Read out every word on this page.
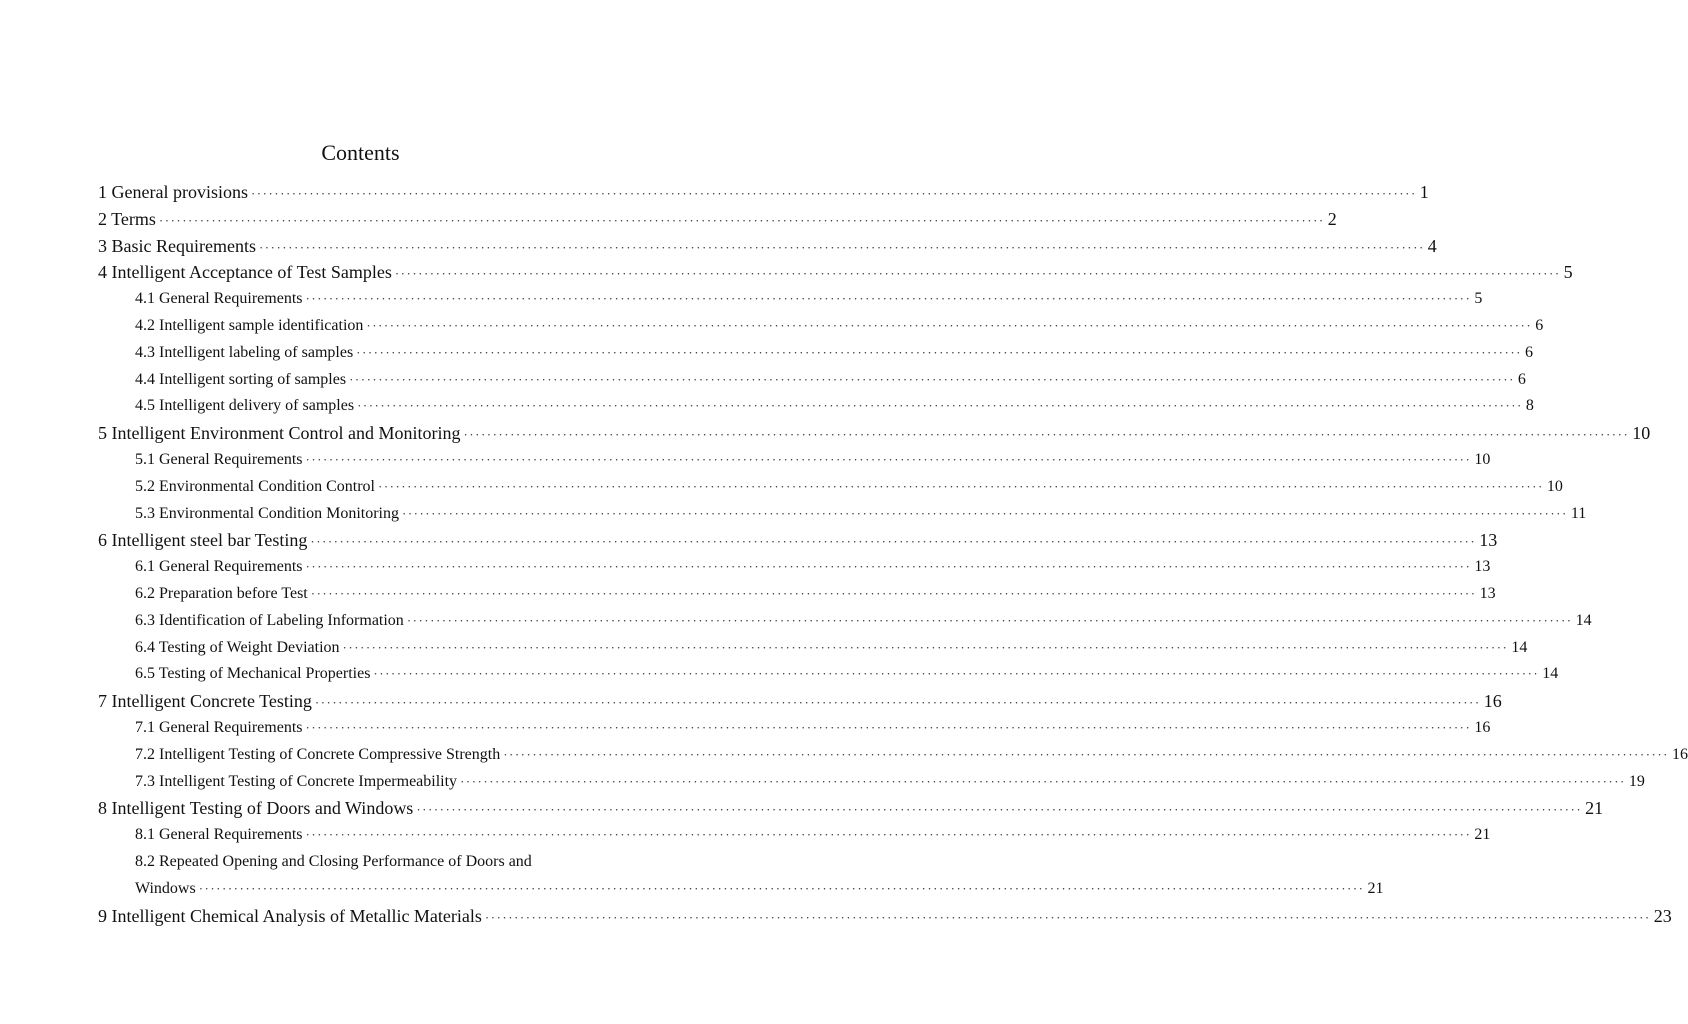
Contents
1 General provisions ········································································································································································································ 1
2 Terms ········································································································································································································ 2
3 Basic Requirements ········································································································································································································ 4
4 Intelligent Acceptance of Test Samples ········································································································································································································ 5
4.1 General Requirements ········································································································································································································ 5
4.2 Intelligent sample identification ········································································································································································································ 6
4.3 Intelligent labeling of samples ········································································································································································································ 6
4.4 Intelligent sorting of samples ········································································································································································································ 6
4.5 Intelligent delivery of samples ········································································································································································································ 8
5 Intelligent Environment Control and Monitoring ········································································································································································································ 10
5.1 General Requirements ········································································································································································································ 10
5.2 Environmental Condition Control ········································································································································································································ 10
5.3 Environmental Condition Monitoring ········································································································································································································ 11
6 Intelligent steel bar Testing ········································································································································································································ 13
6.1 General Requirements ········································································································································································································ 13
6.2 Preparation before Test ········································································································································································································ 13
6.3 Identification of Labeling Information ········································································································································································································ 14
6.4 Testing of Weight Deviation ········································································································································································································ 14
6.5 Testing of Mechanical Properties ········································································································································································································ 14
7 Intelligent Concrete Testing ········································································································································································································ 16
7.1 General Requirements ········································································································································································································ 16
7.2 Intelligent Testing of Concrete Compressive Strength ········································································································································································································ 16
7.3 Intelligent Testing of Concrete Impermeability ········································································································································································································ 19
8 Intelligent Testing of Doors and Windows ········································································································································································································ 21
8.1 General Requirements ········································································································································································································ 21
8.2 Repeated Opening and Closing Performance of Doors and
Windows ········································································································································································································ 21
9 Intelligent Chemical Analysis of Metallic Materials ········································································································································································································ 23
